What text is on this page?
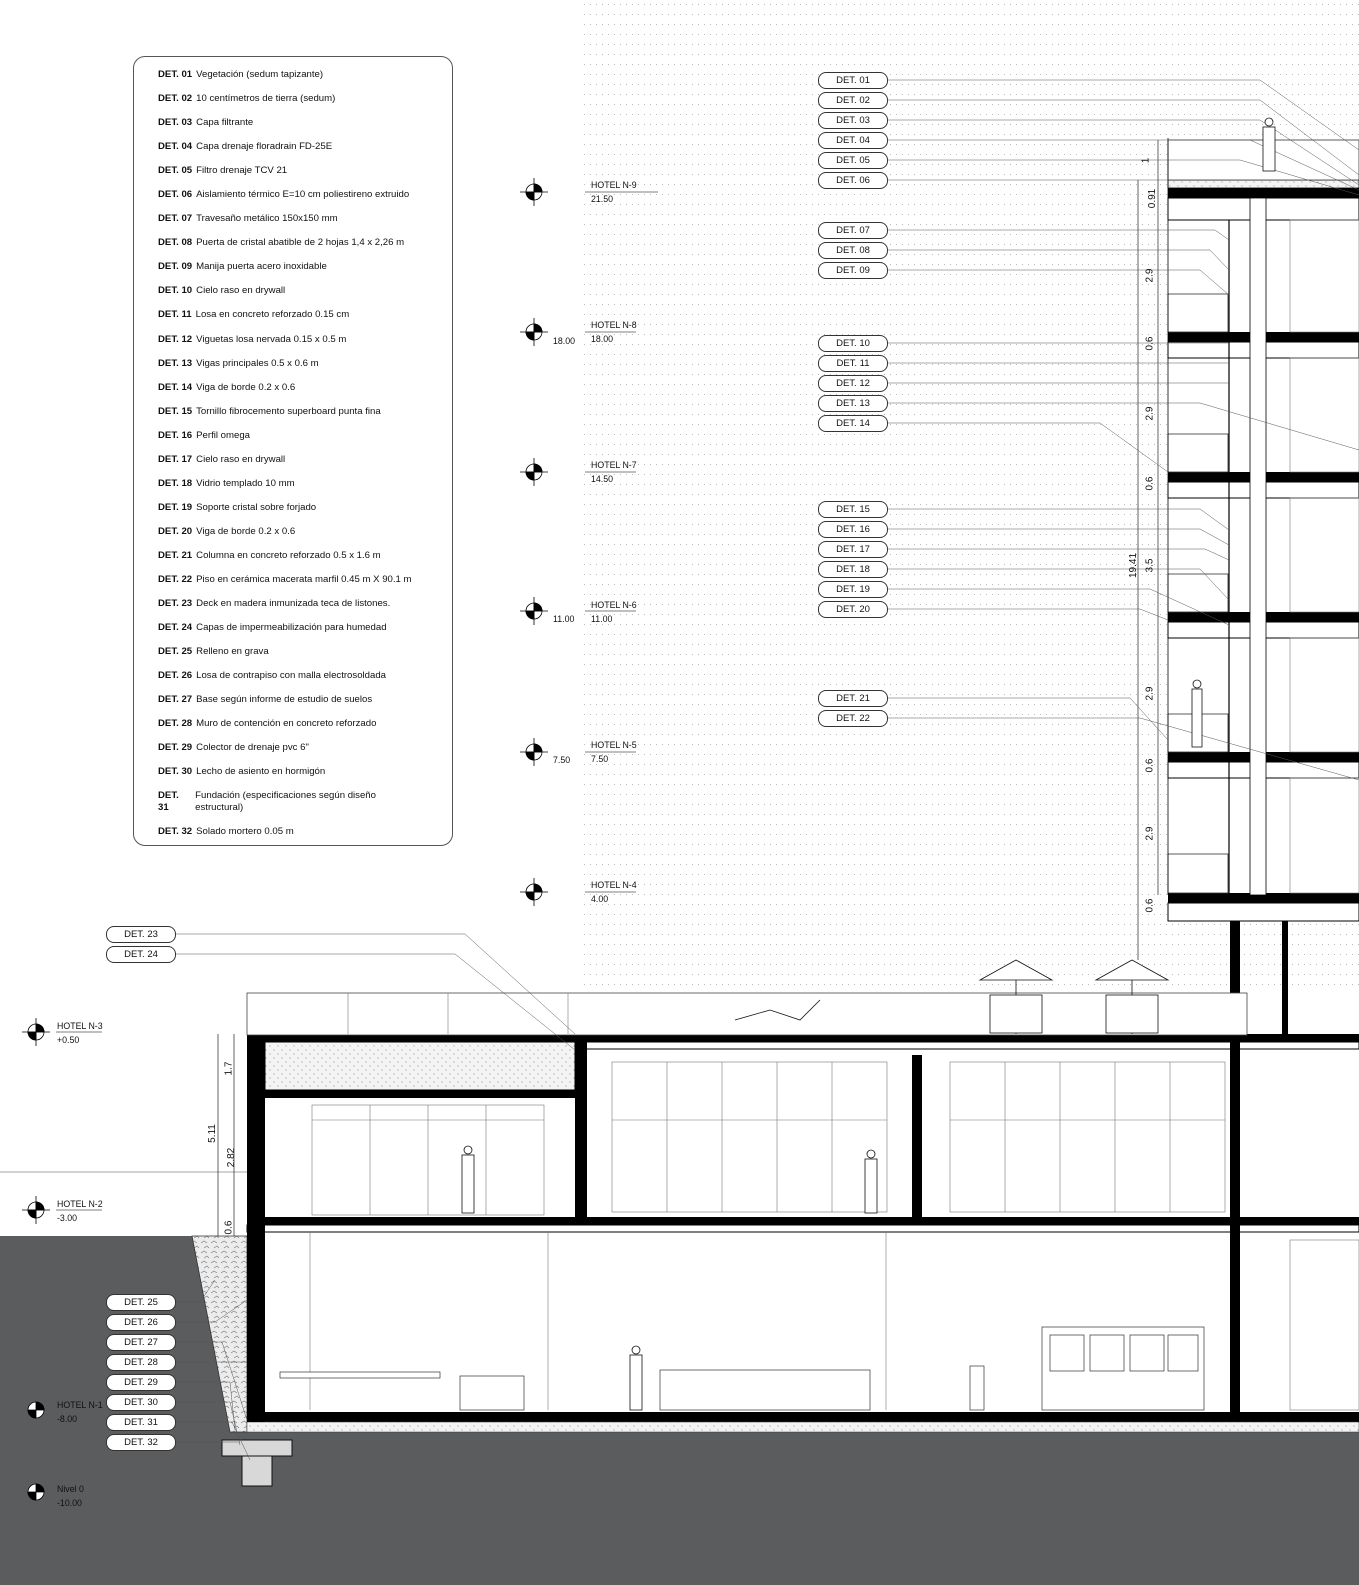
DET. 01 Vegetación (sedum tapizante)
DET. 02 10 centímetros de tierra (sedum)
DET. 03 Capa filtrante
DET. 04 Capa drenaje floradrain FD-25E
DET. 05 Filtro drenaje TCV 21
DET. 06 Aislamiento térmico E=10 cm poliestireno extruido
DET. 07 Travesaño metálico 150x150 mm
DET. 08 Puerta de cristal abatible de 2 hojas 1,4 x 2,26 m
DET. 09 Manija puerta acero inoxidable
DET. 10 Cielo raso en drywall
DET. 11 Losa en concreto reforzado 0.15 cm
DET. 12 Viguetas losa nervada 0.15 x 0.5 m
DET. 13 Vigas principales 0.5 x 0.6 m
DET. 14 Viga de borde 0.2 x 0.6
DET. 15 Tornillo fibrocemento superboard punta fina
DET. 16 Perfil omega
DET. 17 Cielo raso en drywall
DET. 18 Vidrio templado 10 mm
DET. 19 Soporte cristal sobre forjado
DET. 20 Viga de borde 0.2 x 0.6
DET. 21 Columna en concreto reforzado 0.5 x 1.6 m
DET. 22 Piso en cerámica macerata marfil 0.45 m X 90.1 m
DET. 23 Deck en madera inmunizada teca de listones.
DET. 24 Capas de impermeabilización para humedad
DET. 25 Relleno en grava
DET. 26 Losa de contrapiso con malla electrosoldada
DET. 27 Base según informe de estudio de suelos
DET. 28 Muro de contención en concreto reforzado
DET. 29 Colector de drenaje pvc 6"
DET. 30 Lecho de asiento en hormigón
DET. 31
Fundación (especificaciones según diseño estructural)
DET. 32 Solado mortero 0.05 m
DET. 01
DET. 02
DET. 03
DET. 04
DET. 05
DET. 06
DET. 07
DET. 08
DET. 09
DET. 10
DET. 11
DET. 12
DET. 13
DET. 14
DET. 15
DET. 16
DET. 17
DET. 18
DET. 19
DET. 20
DET. 21
DET. 22
DET. 23
DET. 24
DET. 25
DET. 26
DET. 27
DET. 28
DET. 29
DET. 30
DET. 31
DET. 32
HOTEL N-9
21.50
HOTEL N-8
18.00
18.00
HOTEL N-7
14.50
HOTEL N-6
11.00
11.00
HOTEL N-5
7.50
7.50
HOTEL N-4
4.00
HOTEL N-3
+0.50
HOTEL N-2
-3.00
HOTEL N-1
-8.00
Nivel 0
-10.00
1
0.91
2.9
0.6
2.9
0.6
3.5
2.9
0.6
2.9
0.6
19.41
1.7
2.82
0.6
5.11
